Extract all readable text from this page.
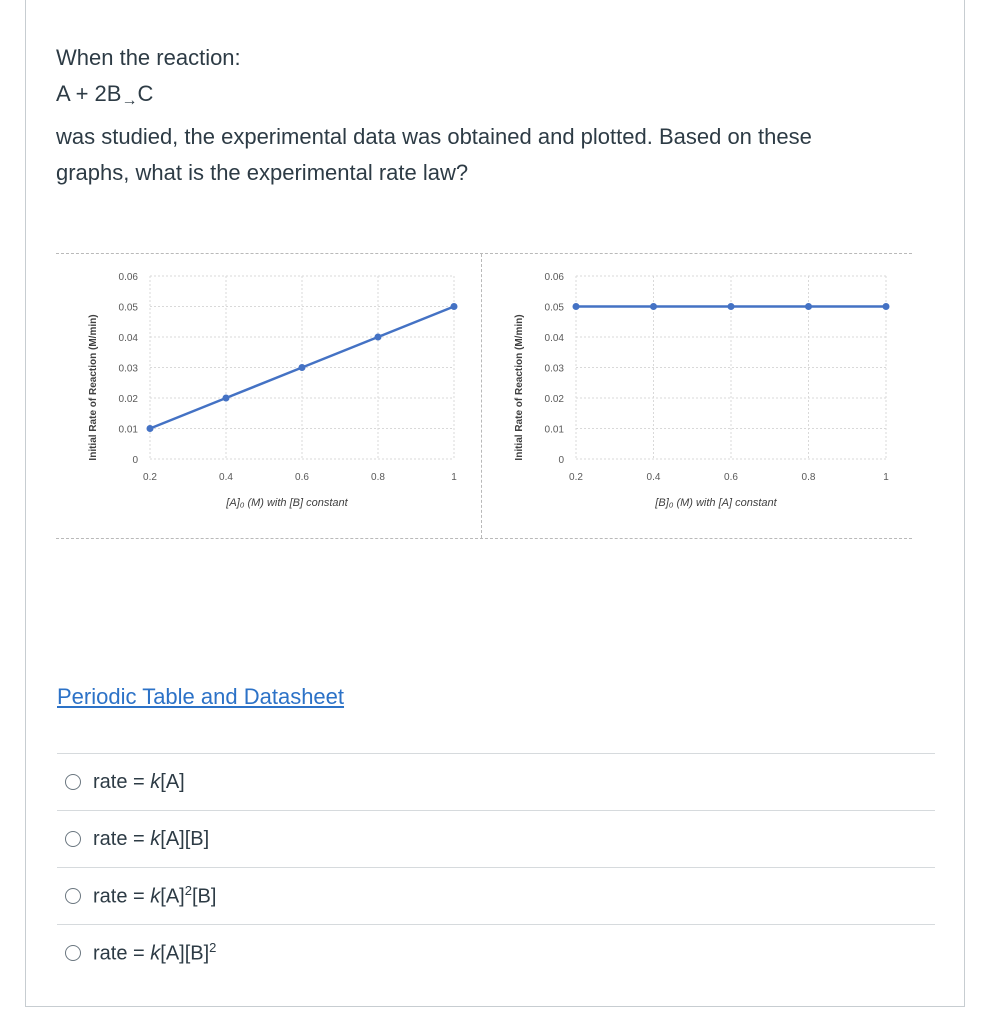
When the reaction:

A + 2B→C

was studied, the experimental data was obtained and plotted. Based on these

graphs, what is the experimental rate law?

0
0.01
0.02
0.03
0.04
0.05
0.06
0.2	0.4	0.6	0.8	1
[A]₀ (M) with [B] constant
Initial Rate of Reaction (M/min)	0
0.01
0.02
0.03
0.04
0.05
0.06
0.2	0.4	0.6	0.8	1
[B]₀ (M) with [A] constant
Initial Rate of Reaction (M/min)
Periodic Table and Datasheet
rate = k[A]
rate = k[A][B]
rate = $k[A]^2[B]$
rate = $k[A][B]^2$
